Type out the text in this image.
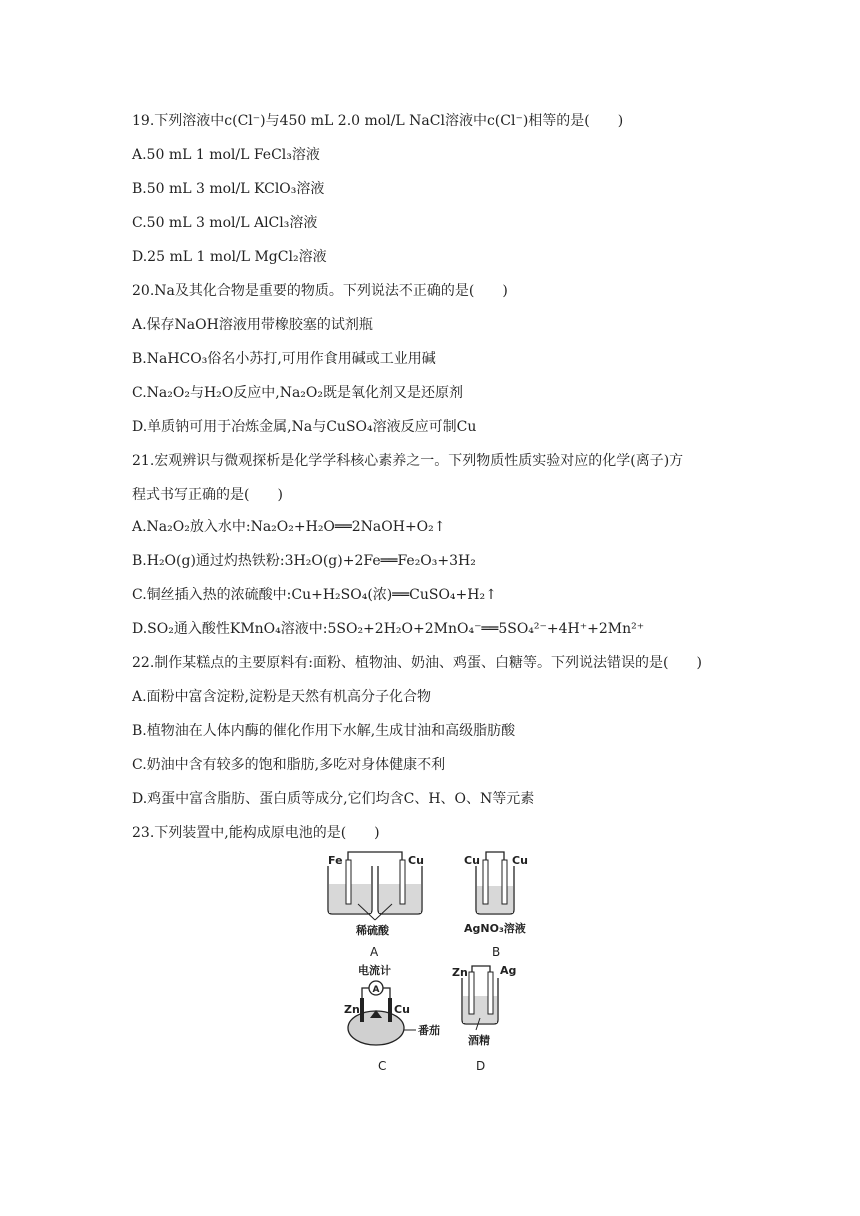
19.下列溶液中c(Cl⁻)与450 mL 2.0 mol/L NaCl溶液中c(Cl⁻)相等的是(　　)
A.50 mL 1 mol/L FeCl₃溶液
B.50 mL 3 mol/L KClO₃溶液
C.50 mL 3 mol/L AlCl₃溶液
D.25 mL 1 mol/L MgCl₂溶液
20.Na及其化合物是重要的物质。下列说法不正确的是(　　)
A.保存NaOH溶液用带橡胶塞的试剂瓶
B.NaHCO₃俗名小苏打,可用作食用碱或工业用碱
C.Na₂O₂与H₂O反应中,Na₂O₂既是氧化剂又是还原剂
D.单质钠可用于冶炼金属,Na与CuSO₄溶液反应可制Cu
21.宏观辨识与微观探析是化学学科核心素养之一。下列物质性质实验对应的化学(离子)方
程式书写正确的是(　　)
A.Na₂O₂放入水中:Na₂O₂+H₂O══2NaOH+O₂↑
B.H₂O(g)通过灼热铁粉:3H₂O(g)+2Fe══Fe₂O₃+3H₂
C.铜丝插入热的浓硫酸中:Cu+H₂SO₄(浓)══CuSO₄+H₂↑
D.SO₂通入酸性KMnO₄溶液中:5SO₂+2H₂O+2MnO₄⁻══5SO₄²⁻+4H⁺+2Mn²⁺
22.制作某糕点的主要原料有:面粉、植物油、奶油、鸡蛋、白糖等。下列说法错误的是(　　)
A.面粉中富含淀粉,淀粉是天然有机高分子化合物
B.植物油在人体内酶的催化作用下水解,生成甘油和高级脂肪酸
C.奶油中含有较多的饱和脂肪,多吃对身体健康不利
D.鸡蛋中富含脂肪、蛋白质等成分,它们均含C、H、O、N等元素
23.下列装置中,能构成原电池的是(　　)
Fe	Cu
稀硫酸
A
Cu	Cu
AgNO₃溶液
B
电流计
A
Zn	Cu
番茄
C
Zn	Ag
酒精
D
